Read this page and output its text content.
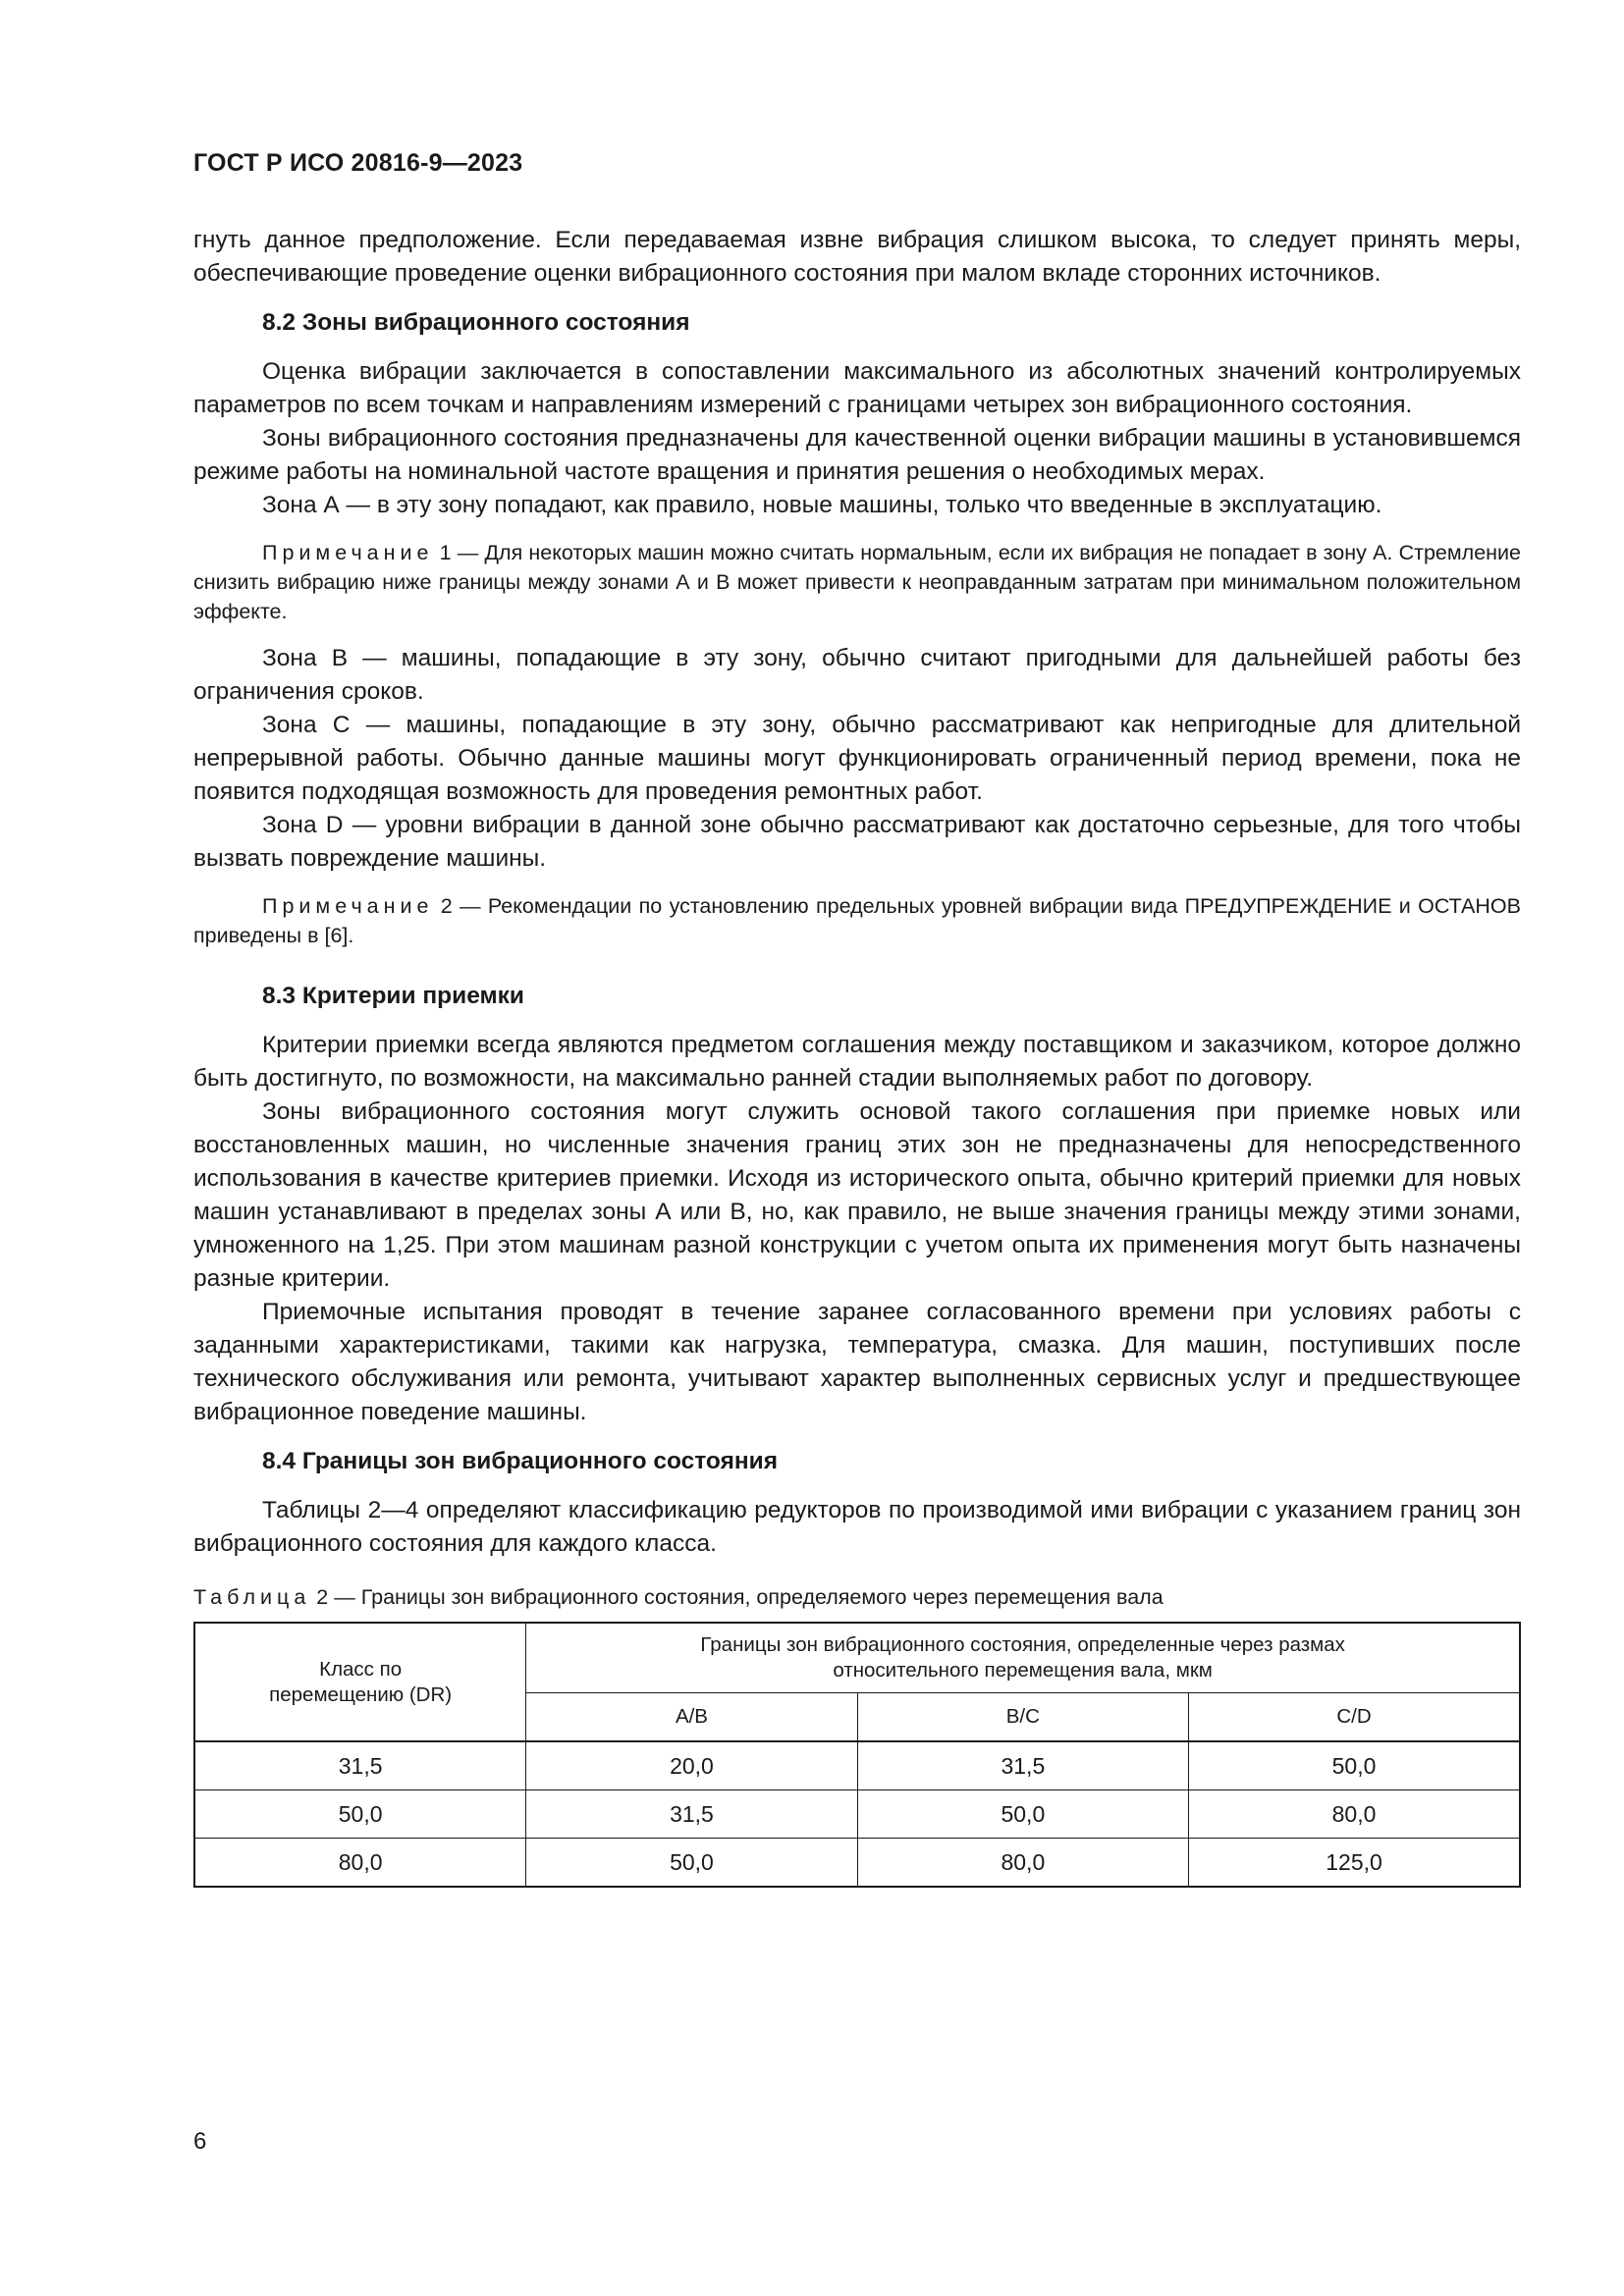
ГОСТ Р ИСО 20816-9—2023

гнуть данное предположение. Если передаваемая извне вибрация слишком высока, то следует принять меры, обеспечивающие проведение оценки вибрационного состояния при малом вкладе сторонних источников.

8.2 Зоны вибрационного состояния

Оценка вибрации заключается в сопоставлении максимального из абсолютных значений контролируемых параметров по всем точкам и направлениям измерений с границами четырех зон вибрационного состояния.

Зоны вибрационного состояния предназначены для качественной оценки вибрации машины в установившемся режиме работы на номинальной частоте вращения и принятия решения о необходимых мерах.

Зона А — в эту зону попадают, как правило, новые машины, только что введенные в эксплуатацию.

Примечание 1 — Для некоторых машин можно считать нормальным, если их вибрация не попадает в зону А. Стремление снизить вибрацию ниже границы между зонами А и В может привести к неоправданным затратам при минимальном положительном эффекте.

Зона В — машины, попадающие в эту зону, обычно считают пригодными для дальнейшей работы без ограничения сроков.

Зона С — машины, попадающие в эту зону, обычно рассматривают как непригодные для длительной непрерывной работы. Обычно данные машины могут функционировать ограниченный период времени, пока не появится подходящая возможность для проведения ремонтных работ.

Зона D — уровни вибрации в данной зоне обычно рассматривают как достаточно серьезные, для того чтобы вызвать повреждение машины.

Примечание 2 — Рекомендации по установлению предельных уровней вибрации вида ПРЕДУПРЕЖДЕНИЕ и ОСТАНОВ приведены в [6].
8.3 Критерии приемки

Критерии приемки всегда являются предметом соглашения между поставщиком и заказчиком, которое должно быть достигнуто, по возможности, на максимально ранней стадии выполняемых работ по договору.

Зоны вибрационного состояния могут служить основой такого соглашения при приемке новых или восстановленных машин, но численные значения границ этих зон не предназначены для непосредственного использования в качестве критериев приемки. Исходя из исторического опыта, обычно критерий приемки для новых машин устанавливают в пределах зоны А или В, но, как правило, не выше значения границы между этими зонами, умноженного на 1,25. При этом машинам разной конструкции с учетом опыта их применения могут быть назначены разные критерии.

Приемочные испытания проводят в течение заранее согласованного времени при условиях работы с заданными характеристиками, такими как нагрузка, температура, смазка. Для машин, поступивших после технического обслуживания или ремонта, учитывают характер выполненных сервисных услуг и предшествующее вибрационное поведение машины.

8.4 Границы зон вибрационного состояния

Таблицы 2—4 определяют классификацию редукторов по производимой ими вибрации с указанием границ зон вибрационного состояния для каждого класса.

Таблица 2 — Границы зон вибрационного состояния, определяемого через перемещения вала
Класс по перемещению (DR)	Границы зон вибрационного состояния, определенные через размах относительного перемещения вала, мкм		
	A/B	B/C	C/D
31,5	20,0	31,5	50,0
50,0	31,5	50,0	80,0
80,0	50,0	80,0	125,0
6
